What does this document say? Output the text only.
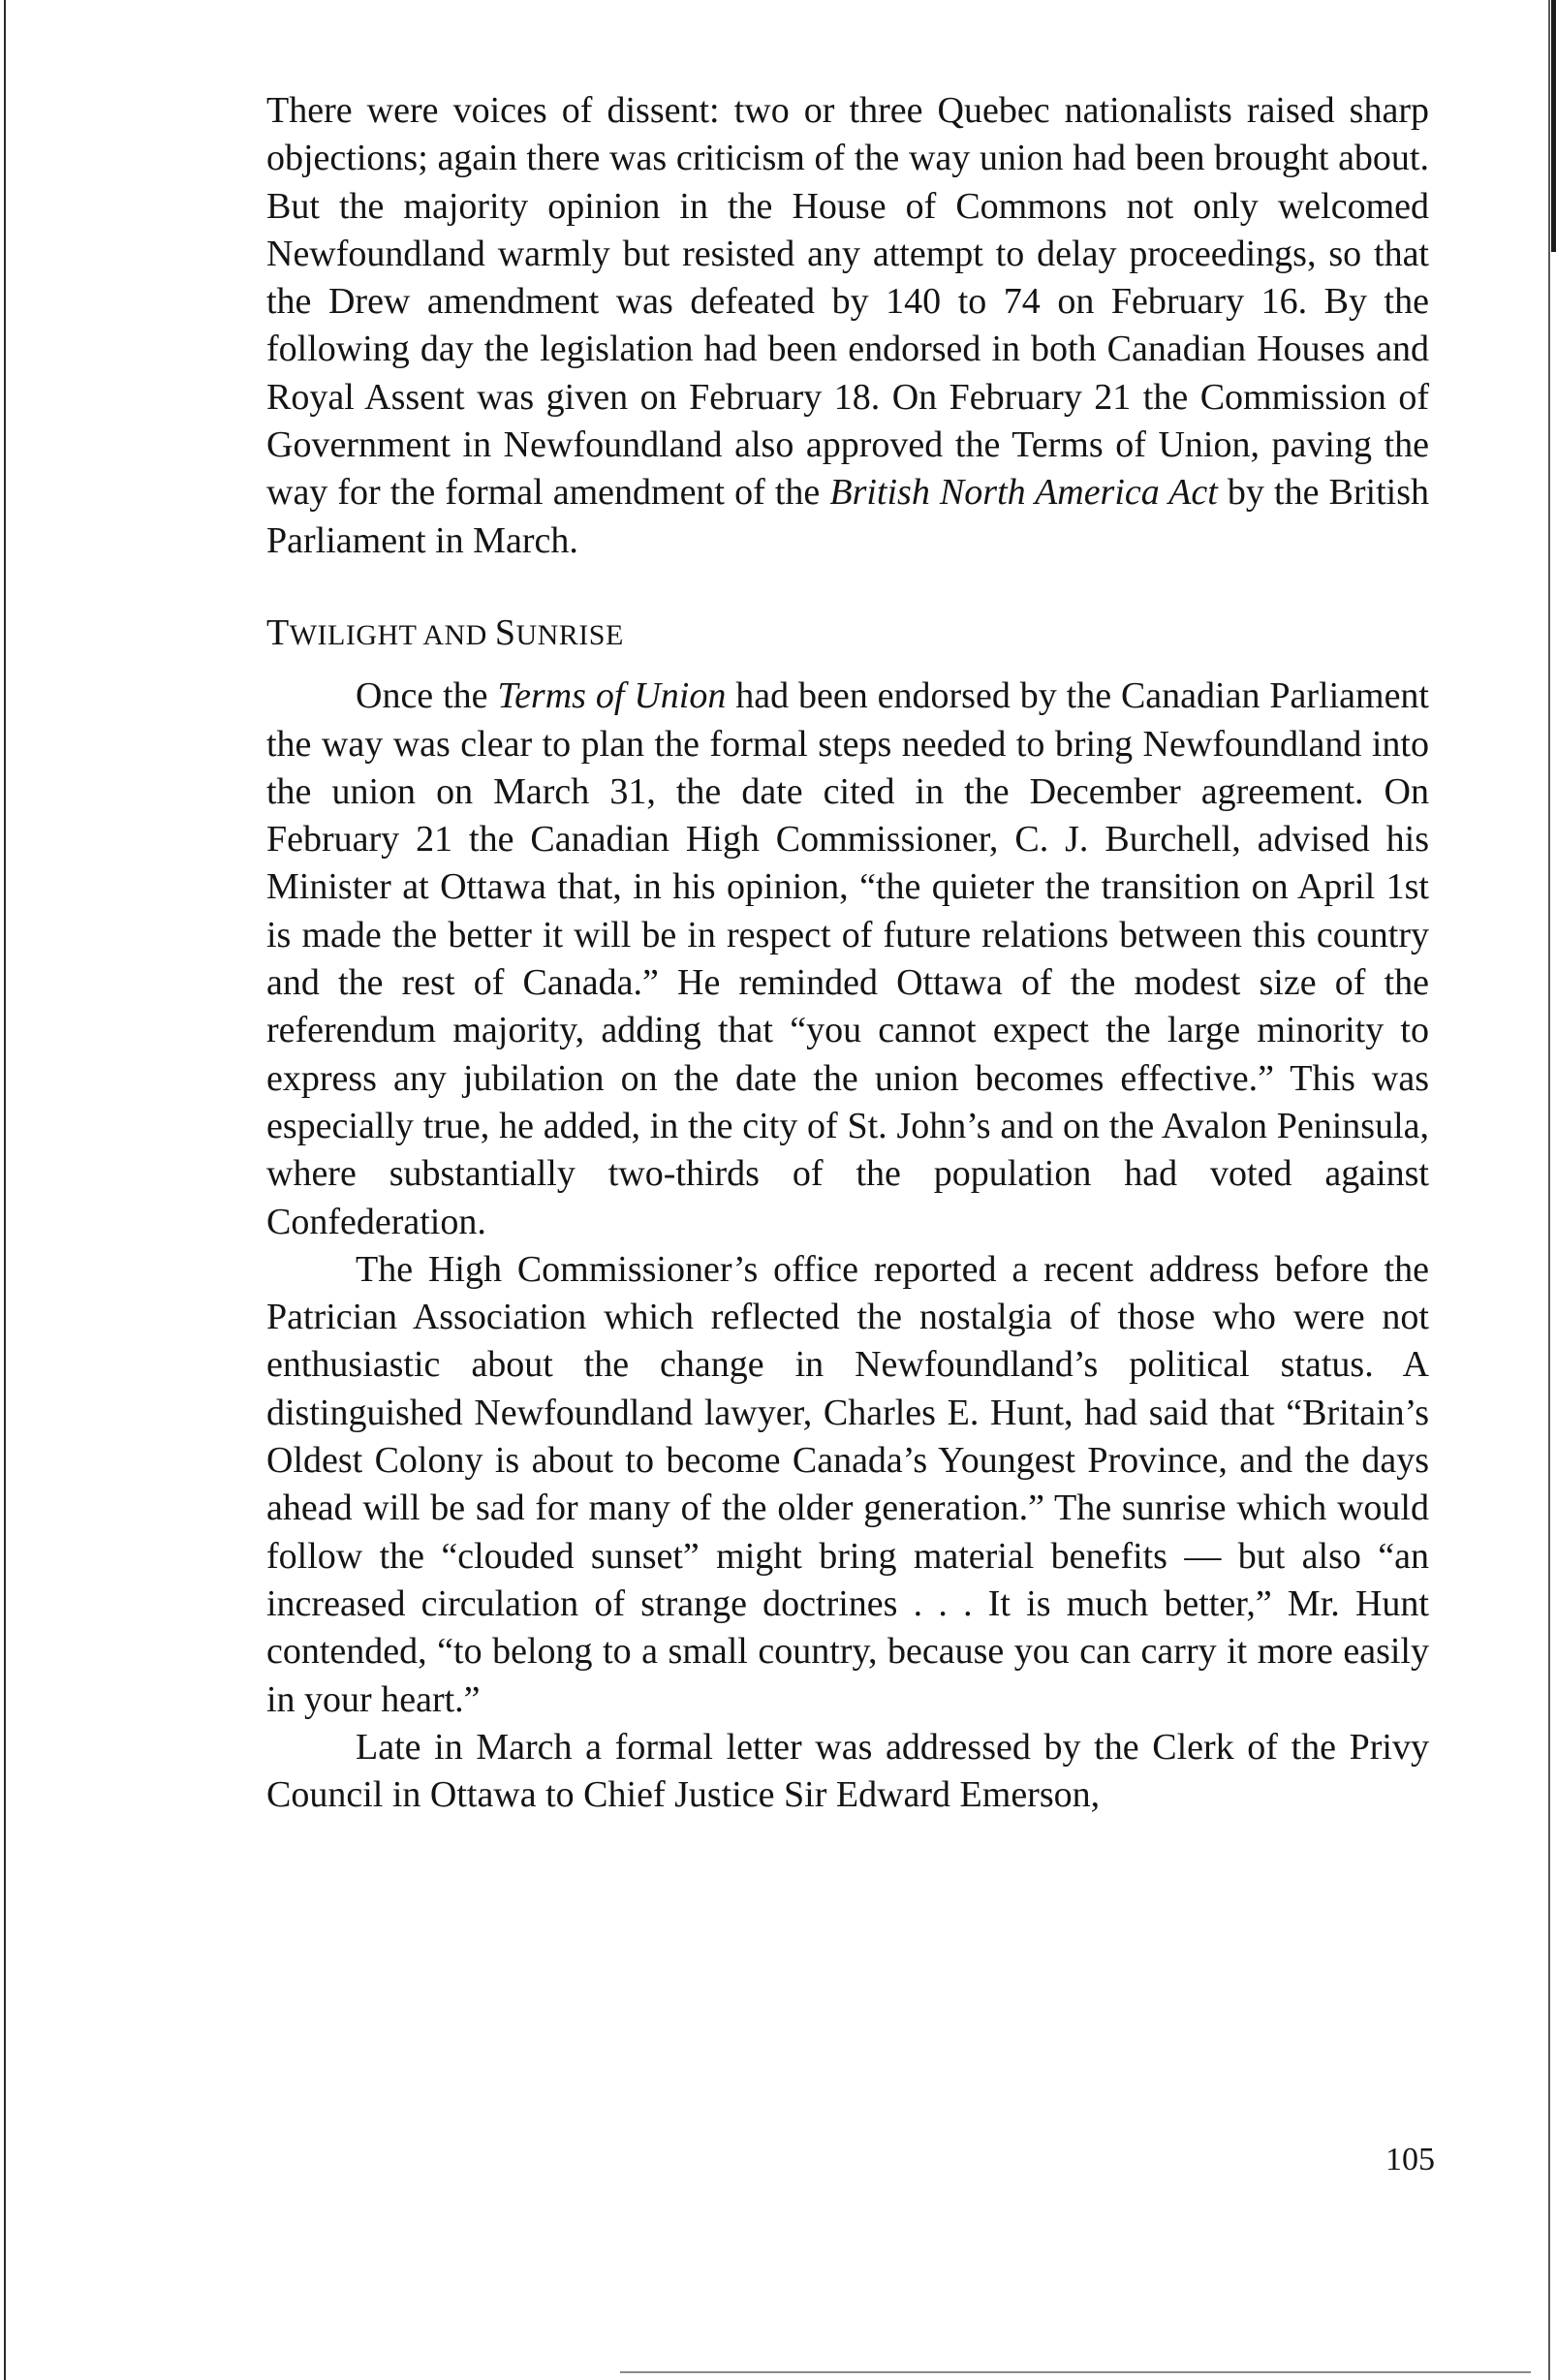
There were voices of dissent: two or three Quebec nationalists raised sharp objections; again there was criticism of the way union had been brought about. But the majority opinion in the House of Commons not only welcomed Newfoundland warmly but resisted any attempt to delay proceedings, so that the Drew amendment was defeated by 140 to 74 on February 16. By the following day the legislation had been endorsed in both Canadian Houses and Royal Assent was given on February 18. On February 21 the Commission of Government in Newfoundland also approved the Terms of Union, paving the way for the formal amendment of the British North America Act by the British Parliament in March.

TWILIGHT AND SUNRISE

Once the Terms of Union had been endorsed by the Canadian Parliament the way was clear to plan the formal steps needed to bring Newfoundland into the union on March 31, the date cited in the December agreement. On February 21 the Canadian High Commissioner, C. J. Burchell, advised his Minister at Ottawa that, in his opinion, “the quieter the transition on April 1st is made the better it will be in respect of future relations between this country and the rest of Canada.” He reminded Ottawa of the modest size of the referendum majority, adding that “you cannot expect the large minority to express any jubilation on the date the union becomes effective.” This was especially true, he added, in the city of St. John’s and on the Avalon Peninsula, where substantially two-thirds of the population had voted against Confederation.

The High Commissioner’s office reported a recent address before the Patrician Association which reflected the nostalgia of those who were not enthusiastic about the change in Newfoundland’s political status. A distinguished Newfoundland lawyer, Charles E. Hunt, had said that “Britain’s Oldest Colony is about to become Canada’s Youngest Province, and the days ahead will be sad for many of the older generation.” The sunrise which would follow the “clouded sunset” might bring material benefits — but also “an increased circulation of strange doctrines . . . It is much better,” Mr. Hunt contended, “to belong to a small country, because you can carry it more easily in your heart.”

Late in March a formal letter was addressed by the Clerk of the Privy Council in Ottawa to Chief Justice Sir Edward Emerson,

105
